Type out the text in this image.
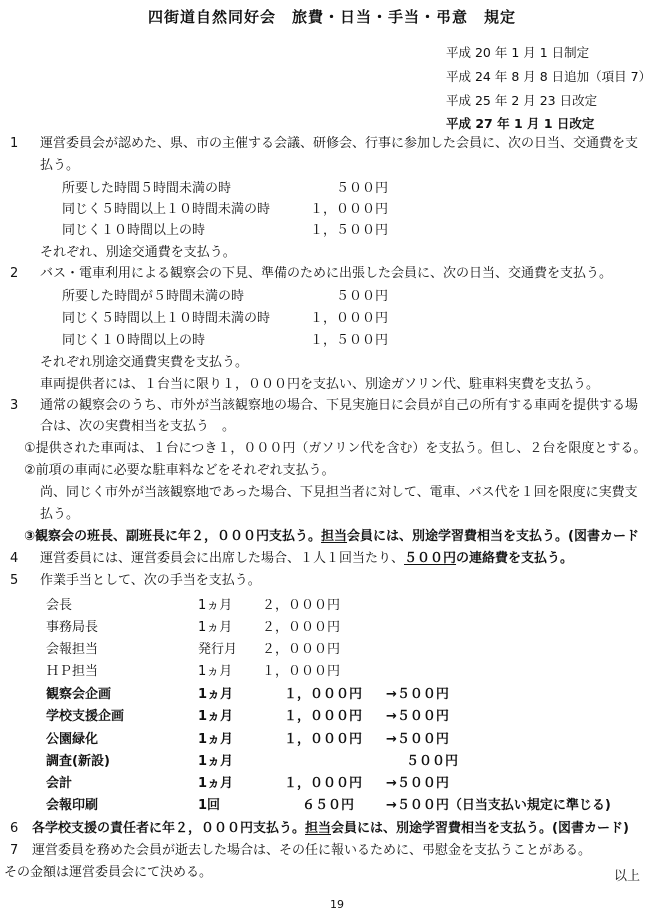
四街道自然同好会　旅費・日当・手当・弔意　規定
平成 20 年 1 月 1 日制定
平成 24 年 8 月 8 日追加（項目 7）
平成 25 年 2 月 23 日改定
平成 27 年 1 月 1 日改定
1 運営委員会が認めた、県、市の主催する会議、研修会、行事に参加した会員に、次の日当、交通費を支
払う。
所要した時間５時間未満の時	５００円
同じく５時間以上１０時間未満の時	１，０００円
同じく１０時間以上の時	１，５００円
それぞれ、別途交通費を支払う。
2 バス・電車利用による観察会の下見、準備のために出張した会員に、次の日当、交通費を支払う。
所要した時間が５時間未満の時	５００円
同じく５時間以上１０時間未満の時	１，０００円
同じく１０時間以上の時	１，５００円
それぞれ別途交通費実費を支払う。
車両提供者には、１台当に限り１，０００円を支払い、別途ガソリン代、駐車料実費を支払う。
3 通常の観察会のうち、市外が当該観察地の場合、下見実施日に会員が自己の所有する車両を提供する場
合は、次の実費相当を支払う　。
①提供された車両は、１台につき１，０００円（ガソリン代を含む）を支払う。但し、２台を限度とする。
②前項の車両に必要な駐車料などをそれぞれ支払う。
尚、同じく市外が当該観察地であった場合、下見担当者に対して、電車、バス代を１回を限度に実費支
払う。
③観察会の班長、副班長に年２，０００円支払う。担当会員には、別途学習費相当を支払う。(図書カード
4 運営委員には、運営委員会に出席した場合、１人１回当たり、５００円の連絡費を支払う。
5 作業手当として、次の手当を支払う。
会長	1ヵ月 ２，０００円
事務局長	1ヵ月 ２，０００円
会報担当	発行月 ２，０００円
ＨＰ担当	1ヵ月 １，０００円
観察会企画	1ヵ月	１，０００円 →５００円
学校支援企画	1ヵ月	１，０００円 →５００円
公園緑化	1ヵ月	１，０００円 →５００円
調査(新設)	1ヵ月	５００円
会計	1ヵ月	１，０００円 →５００円
会報印刷	1回	６５０円 →５００円（日当支払い規定に準じる)
6 各学校支援の責任者に年２，０００円支払う。担当会員には、別途学習費相当を支払う。(図書カード)
7 運営委員を務めた会員が逝去した場合は、その任に報いるために、弔慰金を支払うことがある。
その金額は運営委員会にて決める。	以上
19
